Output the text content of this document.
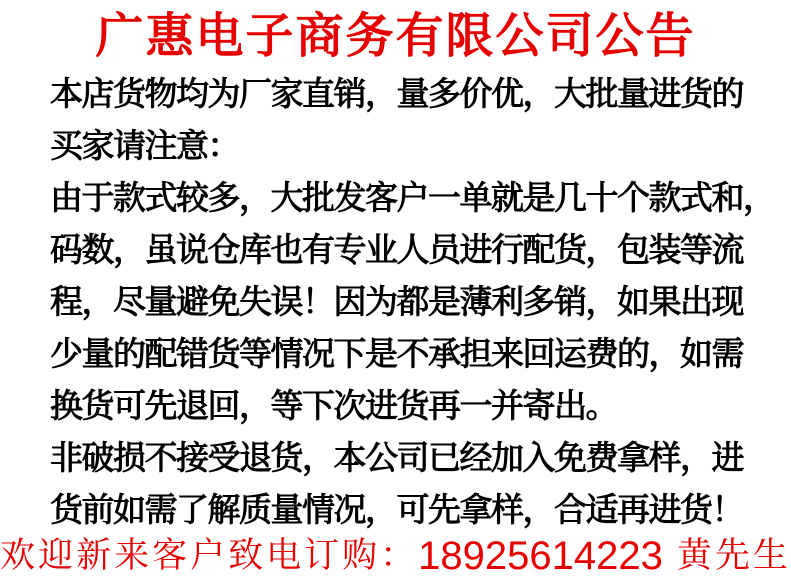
广惠电子商务有限公司公告
本店货物均为厂家直销，量多价优，大批量进货的
买家请注意：
由于款式较多，大批发客户一单就是几十个款式和，
码数，虽说仓库也有专业人员进行配货，包装等流
程，尽量避免失误！因为都是薄利多销，如果出现
少量的配错货等情况下是不承担来回运费的，如需
换货可先退回，等下次进货再一并寄出。
非破损不接受退货，本公司已经加入免费拿样，进
货前如需了解质量情况，可先拿样，合适再进货！
欢迎新来客户致电订购：18925614223 黄先生
